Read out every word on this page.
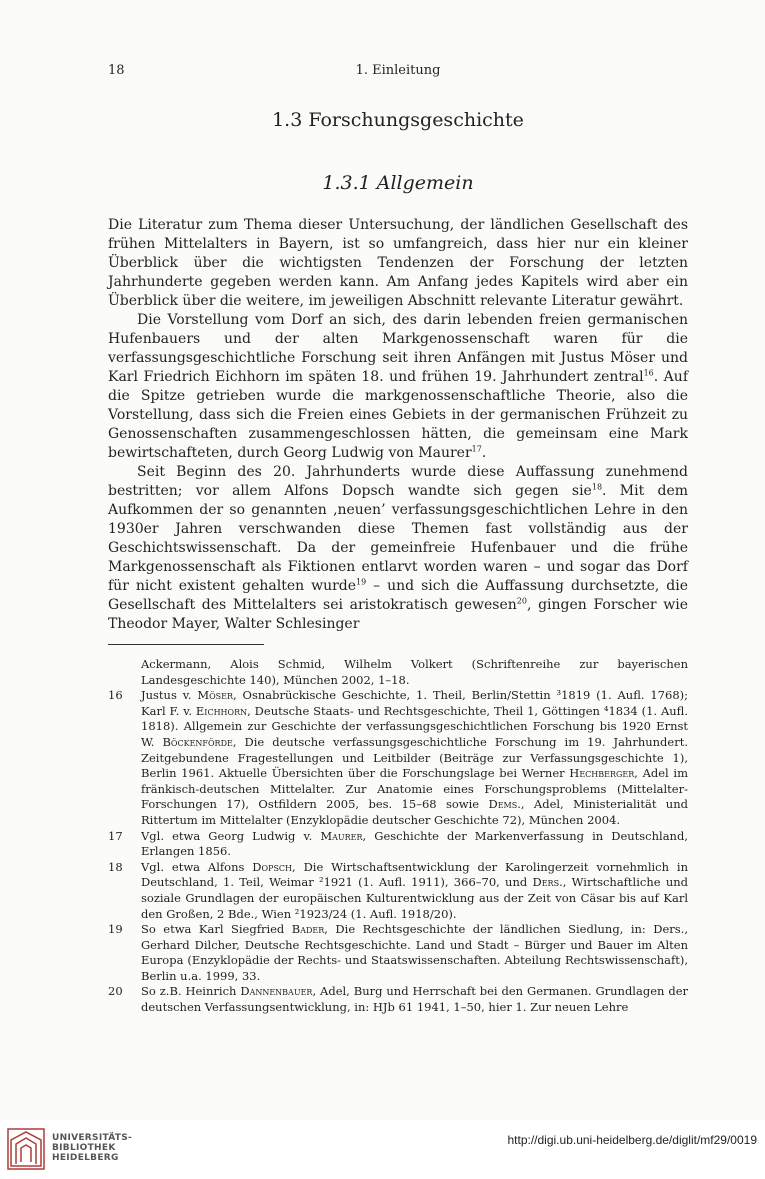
18	1. Einleitung
1.3 Forschungsgeschichte
1.3.1 Allgemein

Die Literatur zum Thema dieser Untersuchung, der ländlichen Gesellschaft des frühen Mittelalters in Bayern, ist so umfangreich, dass hier nur ein kleiner Überblick über die wichtigsten Tendenzen der Forschung der letzten Jahrhunderte gegeben werden kann. Am Anfang jedes Kapitels wird aber ein Überblick über die weitere, im jeweiligen Abschnitt relevante Literatur gewährt.

Die Vorstellung vom Dorf an sich, des darin lebenden freien germanischen Hufenbauers und der alten Markgenossenschaft waren für die verfassungsgeschichtliche Forschung seit ihren Anfängen mit Justus Möser und Karl Friedrich Eichhorn im späten 18. und frühen 19. Jahrhundert zentral$^{16}$. Auf die Spitze getrieben wurde die markgenossenschaftliche Theorie, also die Vorstellung, dass sich die Freien eines Gebiets in der germanischen Frühzeit zu Genossenschaften zusammengeschlossen hätten, die gemeinsam eine Mark bewirtschafteten, durch Georg Ludwig von Maurer$^{17}$.

Seit Beginn des 20. Jahrhunderts wurde diese Auffassung zunehmend bestritten; vor allem Alfons Dopsch wandte sich gegen sie$^{18}$. Mit dem Aufkommen der so genannten ‚neuen’ verfassungsgeschichtlichen Lehre in den 1930er Jahren verschwanden diese Themen fast vollständig aus der Geschichtswissenschaft. Da der gemeinfreie Hufenbauer und die frühe Markgenossenschaft als Fiktionen entlarvt worden waren – und sogar das Dorf für nicht existent gehalten wurde$^{19}$ – und sich die Auffassung durchsetzte, die Gesellschaft des Mittelalters sei aristokratisch gewesen$^{20}$, gingen Forscher wie Theodor Mayer, Walter Schlesinger

Ackermann, Alois Schmid, Wilhelm Volkert (Schriftenreihe zur bayerischen Landesgeschichte 140), München 2002, 1–18.
16 Justus v. Möser, Osnabrückische Geschichte, 1. Theil, Berlin/Stettin ³1819 (1. Aufl. 1768); Karl F. v. Eichhorn, Deutsche Staats- und Rechtsgeschichte, Theil 1, Göttingen ⁴1834 (1. Aufl. 1818). Allgemein zur Geschichte der verfassungsgeschichtlichen Forschung bis 1920 Ernst W. Böckenförde, Die deutsche verfassungsgeschichtliche Forschung im 19. Jahrhundert. Zeitgebundene Fragestellungen und Leitbilder (Beiträge zur Verfassungsgeschichte 1), Berlin 1961. Aktuelle Übersichten über die Forschungslage bei Werner Hechberger, Adel im fränkisch-deutschen Mittelalter. Zur Anatomie eines Forschungsproblems (Mittelalter-Forschungen 17), Ostfildern 2005, bes. 15–68 sowie Dems., Adel, Ministerialität und Rittertum im Mittelalter (Enzyklopädie deutscher Geschichte 72), München 2004.
17 Vgl. etwa Georg Ludwig v. Maurer, Geschichte der Markenverfassung in Deutschland, Erlangen 1856.
18 Vgl. etwa Alfons Dopsch, Die Wirtschaftsentwicklung der Karolingerzeit vornehmlich in Deutschland, 1. Teil, Weimar ²1921 (1. Aufl. 1911), 366–70, und Ders., Wirtschaftliche und soziale Grundlagen der europäischen Kulturentwicklung aus der Zeit von Cäsar bis auf Karl den Großen, 2 Bde., Wien ²1923/24 (1. Aufl. 1918/20).
19 So etwa Karl Siegfried Bader, Die Rechtsgeschichte der ländlichen Siedlung, in: Ders., Gerhard Dilcher, Deutsche Rechtsgeschichte. Land und Stadt – Bürger und Bauer im Alten Europa (Enzyklopädie der Rechts- und Staatswissenschaften. Abteilung Rechtswissenschaft), Berlin u.a. 1999, 33.
20 So z.B. Heinrich Dannenbauer, Adel, Burg und Herrschaft bei den Germanen. Grundlagen der deutschen Verfassungsentwicklung, in: HJb 61 1941, 1–50, hier 1. Zur neuen Lehre
UNIVERSITÄTS-
BIBLIOTHEK
HEIDELBERG
http://digi.ub.uni-heidelberg.de/diglit/mf29/0019
